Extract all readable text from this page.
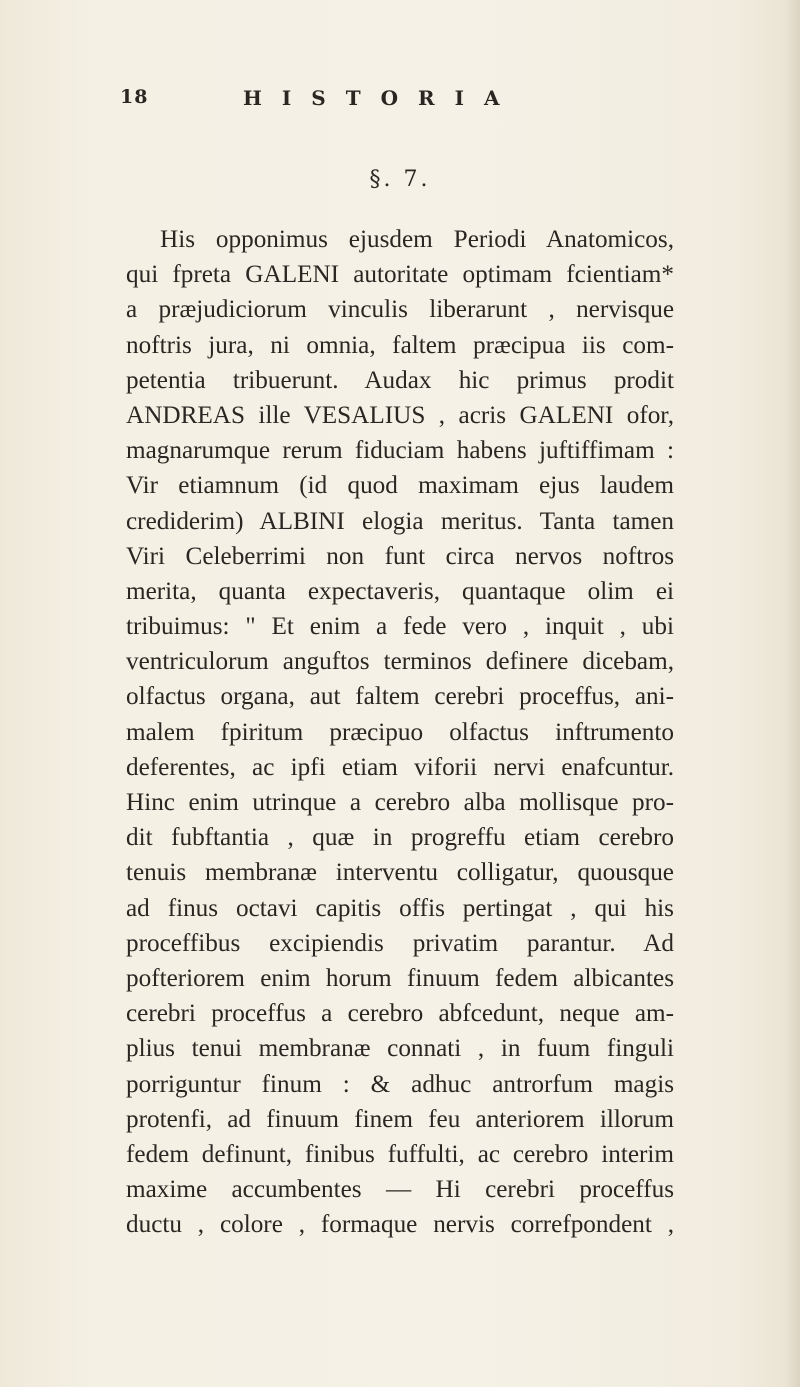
18	HISTORIA
§. 7.
His opponimus ejusdem Periodi Anatomicos,
qui fpreta GALENI autoritate optimam fcientiam*
a præjudiciorum vinculis liberarunt , nervisque
noftris jura, ni omnia, faltem præcipua iis com-
petentia tribuerunt. Audax hic primus prodit
ANDREAS ille VESALIUS , acris GALENI ofor,
magnarumque rerum fiduciam habens juftiffimam :
Vir etiamnum (id quod maximam ejus laudem
crediderim) ALBINI elogia meritus. Tanta tamen
Viri Celeberrimi non funt circa nervos noftros
merita, quanta expectaveris, quantaque olim ei
tribuimus: " Et enim a fede vero , inquit , ubi
ventriculorum anguftos terminos definere dicebam,
olfactus organa, aut faltem cerebri proceffus, ani-
malem fpiritum præcipuo olfactus inftrumento
deferentes, ac ipfi etiam viforii nervi enafcuntur.
Hinc enim utrinque a cerebro alba mollisque pro-
dit fubftantia , quæ in progreffu etiam cerebro
tenuis membranæ interventu colligatur, quousque
ad finus octavi capitis offis pertingat , qui his
proceffibus excipiendis privatim parantur. Ad
pofteriorem enim horum finuum fedem albicantes
cerebri proceffus a cerebro abfcedunt, neque am-
plius tenui membranæ connati , in fuum finguli
porriguntur finum : & adhuc antrorfum magis
protenfi, ad finuum finem feu anteriorem illorum
fedem definunt, finibus fuffulti, ac cerebro interim
maxime accumbentes — Hi cerebri proceffus
ductu , colore , formaque nervis correfpondent ,
